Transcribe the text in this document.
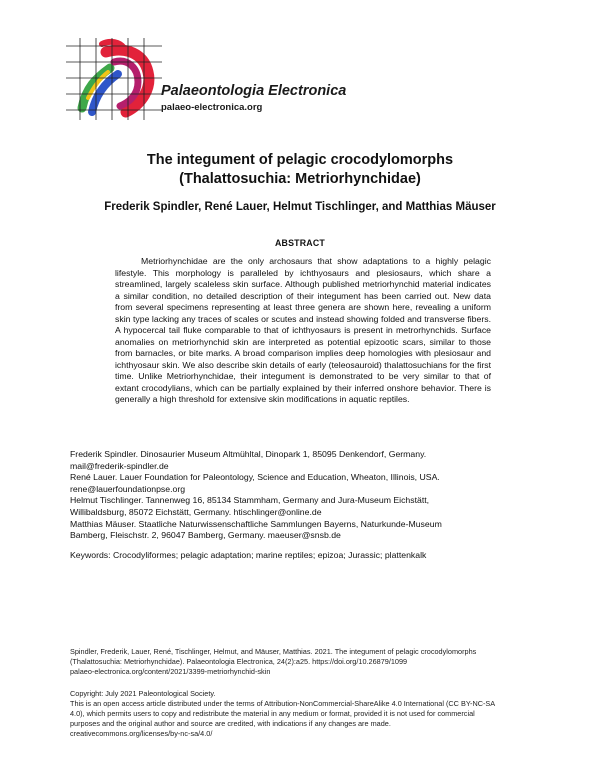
Palaeontologia Electronica
palaeo-electronica.org
The integument of pelagic crocodylomorphs
(Thalattosuchia: Metriorhynchidae)
Frederik Spindler, René Lauer, Helmut Tischlinger, and Matthias Mäuser
ABSTRACT
Metriorhynchidae are the only archosaurs that show adaptations to a highly pelagic lifestyle. This morphology is paralleled by ichthyosaurs and plesiosaurs, which share a streamlined, largely scaleless skin surface. Although published metriorhynchid material indicates a similar condition, no detailed description of their integument has been carried out. New data from several specimens representing at least three genera are shown here, revealing a uniform skin type lacking any traces of scales or scutes and instead showing folded and transverse fibers. A hypocercal tail fluke comparable to that of ichthyosaurs is present in metrorhynchids. Surface anomalies on metriorhynchid skin are interpreted as potential epizootic scars, similar to those from barnacles, or bite marks. A broad comparison implies deep homologies with plesiosaur and ichthyosaur skin. We also describe skin details of early (teleosauroid) thalattosuchians for the first time. Unlike Metriorhynchidae, their integument is demonstrated to be very similar to that of extant crocodylians, which can be partially explained by their inferred onshore behavior. There is generally a high threshold for extensive skin modifications in aquatic reptiles.
Frederik Spindler. Dinosaurier Museum Altmühltal, Dinopark 1, 85095 Denkendorf, Germany.
mail@frederik-spindler.de
René Lauer. Lauer Foundation for Paleontology, Science and Education, Wheaton, Illinois, USA.
rene@lauerfoundationpse.org
Helmut Tischlinger. Tannenweg 16, 85134 Stammham, Germany and Jura-Museum Eichstätt,
Willibaldsburg, 85072 Eichstätt, Germany. htischlinger@online.de
Matthias Mäuser. Staatliche Naturwissenschaftliche Sammlungen Bayerns, Naturkunde-Museum
Bamberg, Fleischstr. 2, 96047 Bamberg, Germany. maeuser@snsb.de
Keywords: Crocodyliformes; pelagic adaptation; marine reptiles; epizoa; Jurassic; plattenkalk
Spindler, Frederik, Lauer, René, Tischlinger, Helmut, and Mäuser, Matthias. 2021. The integument of pelagic crocodylomorphs
(Thalattosuchia: Metriorhynchidae). Palaeontologia Electronica, 24(2):a25. https://doi.org/10.26879/1099
palaeo-electronica.org/content/2021/3399-metriorhynchid-skin
Copyright: July 2021 Paleontological Society.
This is an open access article distributed under the terms of Attribution-NonCommercial-ShareAlike 4.0 International (CC BY-NC-SA
4.0), which permits users to copy and redistribute the material in any medium or format, provided it is not used for commercial
purposes and the original author and source are credited, with indications if any changes are made.
creativecommons.org/licenses/by-nc-sa/4.0/
